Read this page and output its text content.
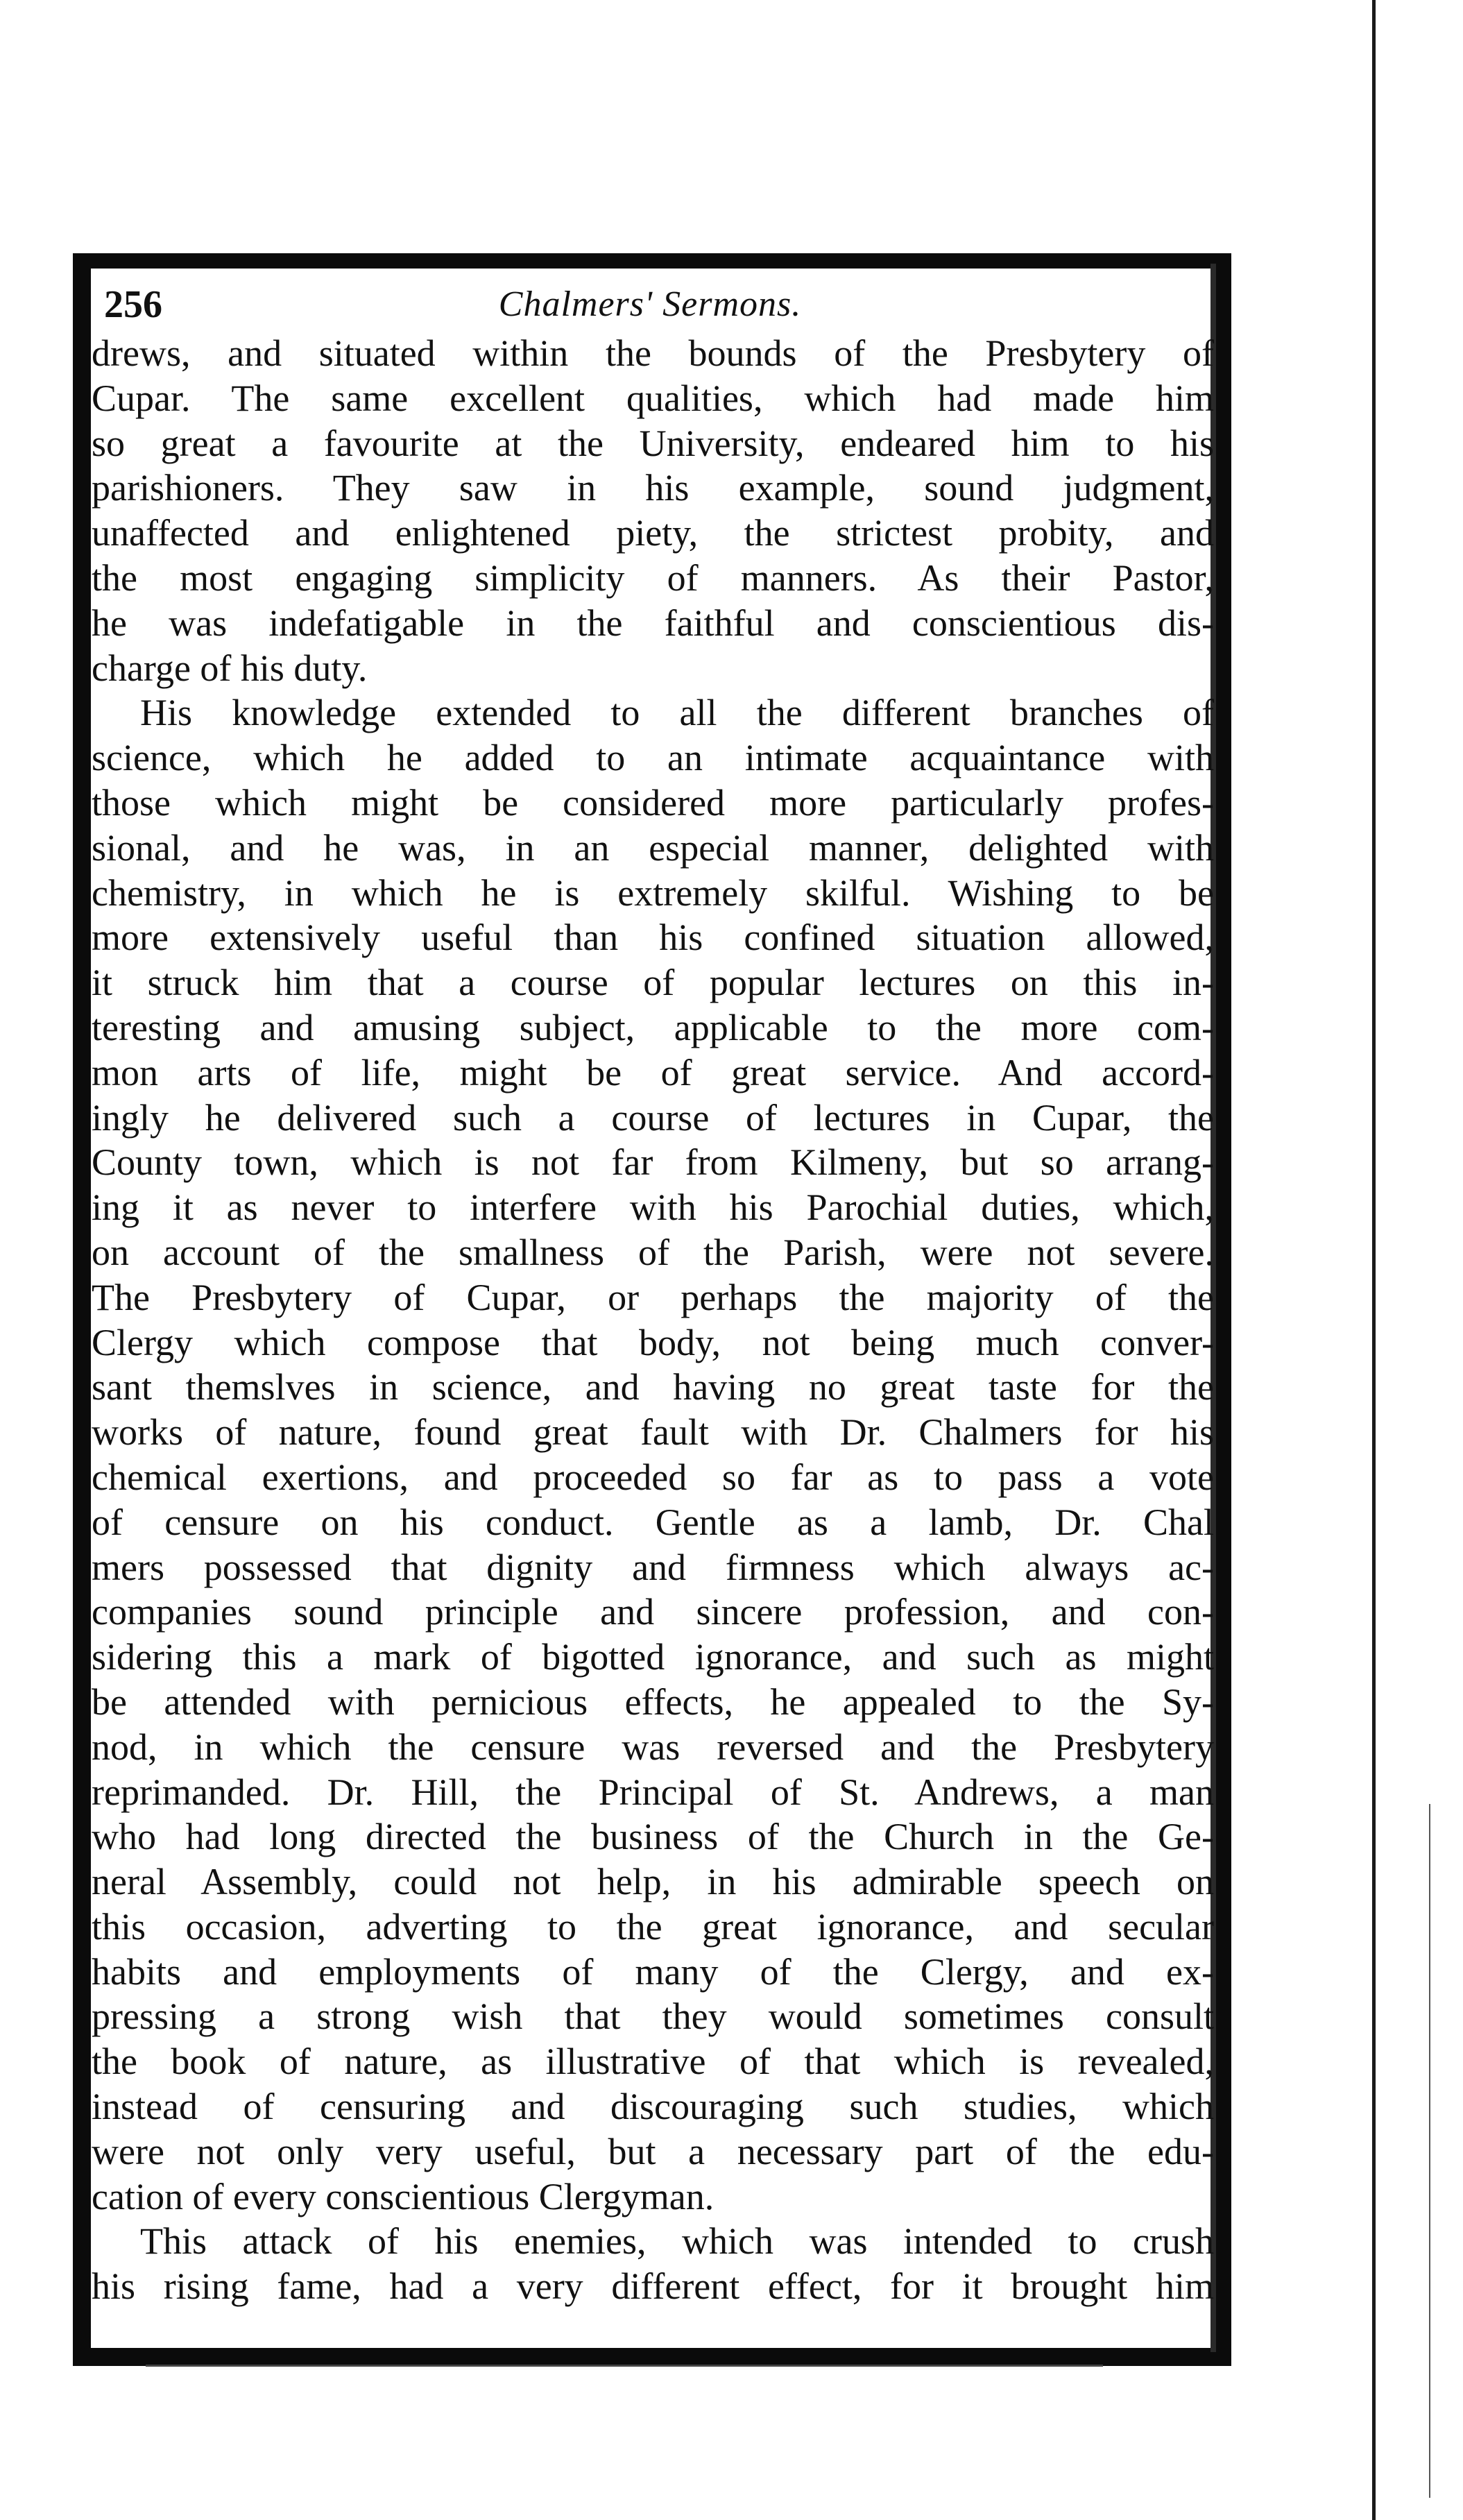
256	Chalmers' Sermons.
drews, and situated within the bounds of the Presbytery of
Cupar. The same excellent qualities, which had made him
so great a favourite at the University, endeared him to his
parishioners. They saw in his example, sound judgment,
unaffected and enlightened piety, the strictest probity, and
the most engaging simplicity of manners. As their Pastor,
he was indefatigable in the faithful and conscientious dis-
charge of his duty.
His knowledge extended to all the different branches of
science, which he added to an intimate acquaintance with
those which might be considered more particularly profes-
sional, and he was, in an especial manner, delighted with
chemistry, in which he is extremely skilful. Wishing to be
more extensively useful than his confined situation allowed,
it struck him that a course of popular lectures on this in-
teresting and amusing subject, applicable to the more com-
mon arts of life, might be of great service. And accord-
ingly he delivered such a course of lectures in Cupar, the
County town, which is not far from Kilmeny, but so arrang-
ing it as never to interfere with his Parochial duties, which,
on account of the smallness of the Parish, were not severe.
The Presbytery of Cupar, or perhaps the majority of the
Clergy which compose that body, not being much conver-
sant themslves in science, and having no great taste for the
works of nature, found great fault with Dr. Chalmers for his
chemical exertions, and proceeded so far as to pass a vote
of censure on his conduct. Gentle as a lamb, Dr. Chal
mers possessed that dignity and firmness which always ac-
companies sound principle and sincere profession, and con-
sidering this a mark of bigotted ignorance, and such as might
be attended with pernicious effects, he appealed to the Sy-
nod, in which the censure was reversed and the Presbytery
reprimanded. Dr. Hill, the Principal of St. Andrews, a man
who had long directed the business of the Church in the Ge-
neral Assembly, could not help, in his admirable speech on
this occasion, adverting to the great ignorance, and secular
habits and employments of many of the Clergy, and ex-
pressing a strong wish that they would sometimes consult
the book of nature, as illustrative of that which is revealed,
instead of censuring and discouraging such studies, which
were not only very useful, but a necessary part of the edu-
cation of every conscientious Clergyman.
This attack of his enemies, which was intended to crush
his rising fame, had a very different effect, for it brought him
